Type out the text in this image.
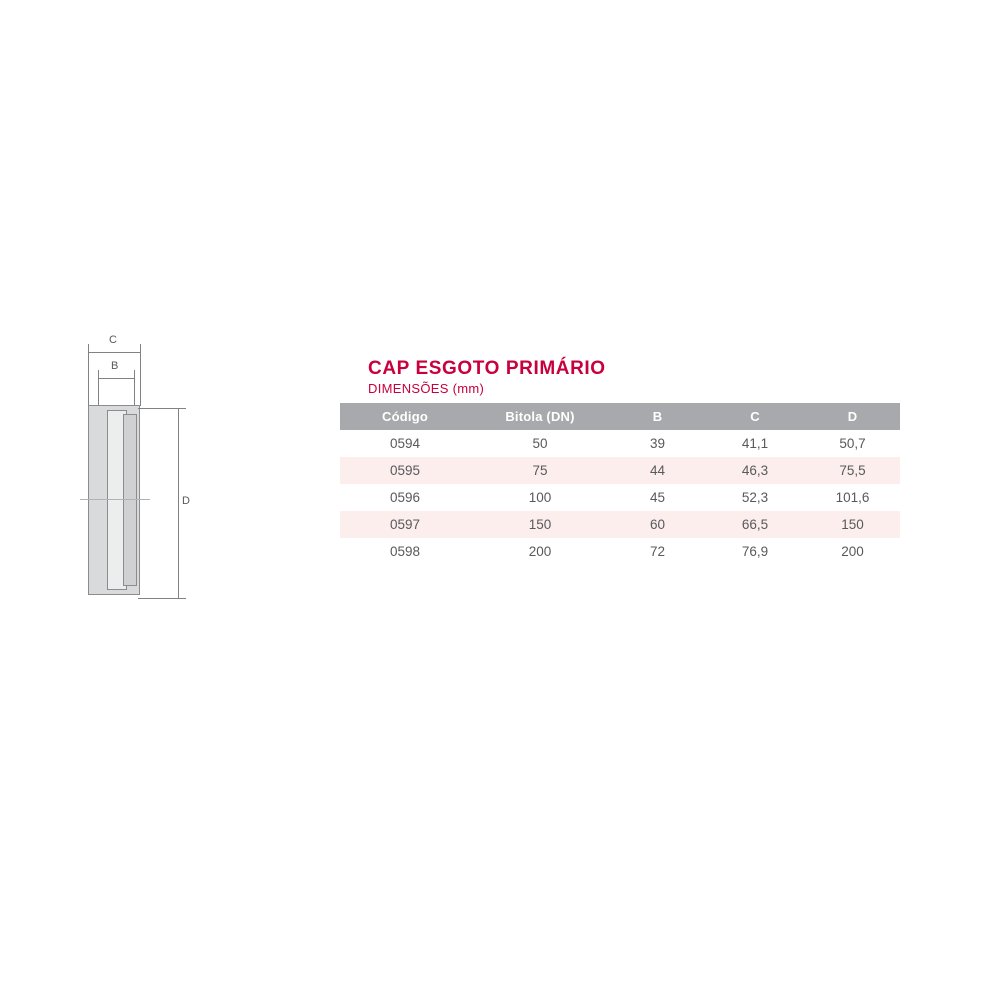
C
B
D
CAP ESGOTO PRIMÁRIO
DIMENSÕES (mm)
Código	Bitola (DN)	B	C	D
0594	50	39	41,1	50,7
0595	75	44	46,3	75,5
0596	100	45	52,3	101,6
0597	150	60	66,5	150
0598	200	72	76,9	200
